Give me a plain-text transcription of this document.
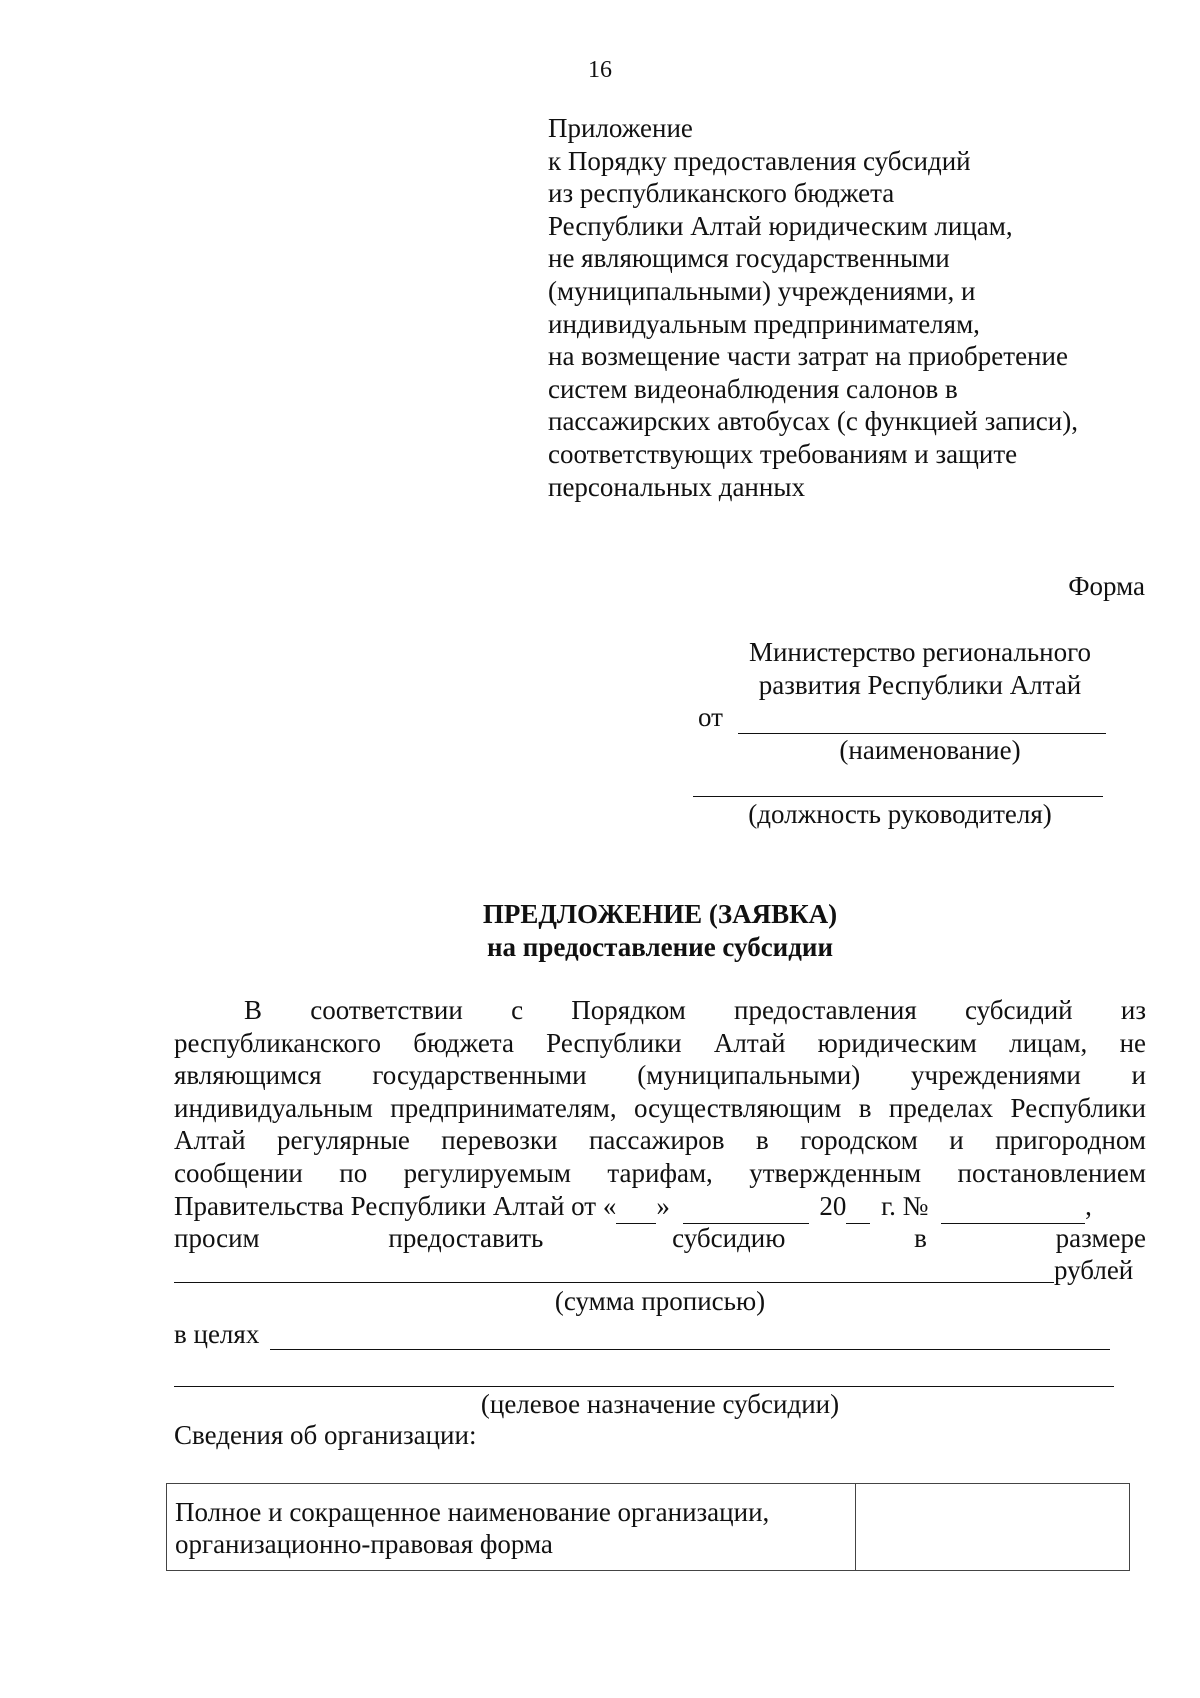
16
Приложение
к Порядку предоставления субсидий
из республиканского бюджета
Республики Алтай юридическим лицам,
не являющимся государственными
(муниципальными) учреждениями, и
индивидуальным предпринимателям,
на возмещение части затрат на приобретение
систем видеонаблюдения салонов в
пассажирских автобусах (с функцией записи),
соответствующих требованиям и защите
персональных данных
Форма
Министерство регионального
развития Республики Алтай
от
(наименование)
(должность руководителя)
ПРЕДЛОЖЕНИЕ (ЗАЯВКА)
на предоставление субсидии
В соответствии с Порядком предоставления субсидий из
республиканского бюджета Республики Алтай юридическим лицам, не
являющимся государственными (муниципальными) учреждениями и
индивидуальным предпринимателям, осуществляющим в пределах Республики
Алтай регулярные перевозки пассажиров в городском и пригородном
сообщении по регулируемым тарифам, утвержденным постановлением
Правительства Республики Алтай от « »	20 г. №	,
просим	предоставить	субсидию	в	размере
рублей
(сумма прописью)
в целях
(целевое назначение субсидии)
Сведения об организации:
Полное и сокращенное наименование организации,
организационно-правовая форма
